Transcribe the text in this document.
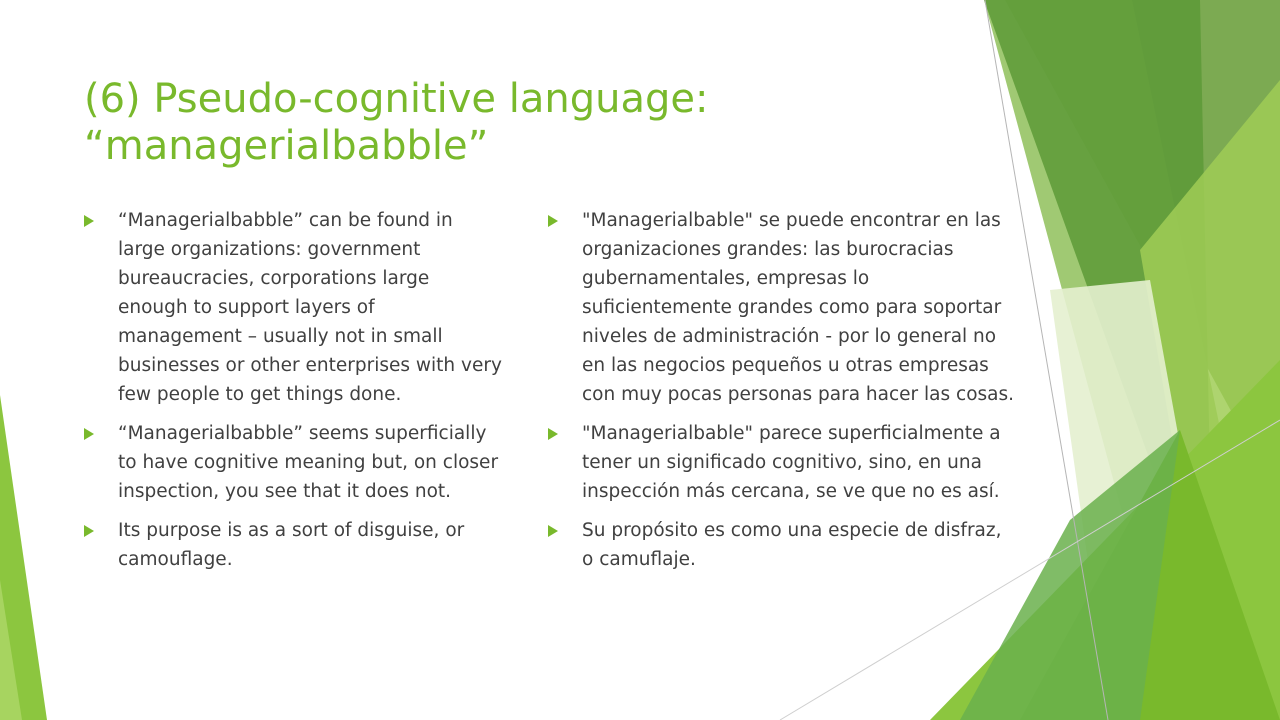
(6) Pseudo-cognitive language:
“managerialbabble”
“Managerialbabble” can be found in large organizations: government bureaucracies, corporations large enough to support layers of management – usually not in small businesses or other enterprises with very few people to get things done.
“Managerialbabble” seems superficially to have cognitive meaning but, on closer inspection, you see that it does not.
Its purpose is as a sort of disguise, or camouflage.
"Managerialbable" se puede encontrar en las organizaciones grandes: las burocracias gubernamentales, empresas lo suficientemente grandes como para soportar niveles de administración - por lo general no en las negocios pequeños u otras empresas con muy pocas personas para hacer las cosas.
"Managerialbable" parece superficialmente a tener un significado cognitivo, sino, en una inspección más cercana, se ve que no es así.
Su propósito es como una especie de disfraz, o camuflaje.
